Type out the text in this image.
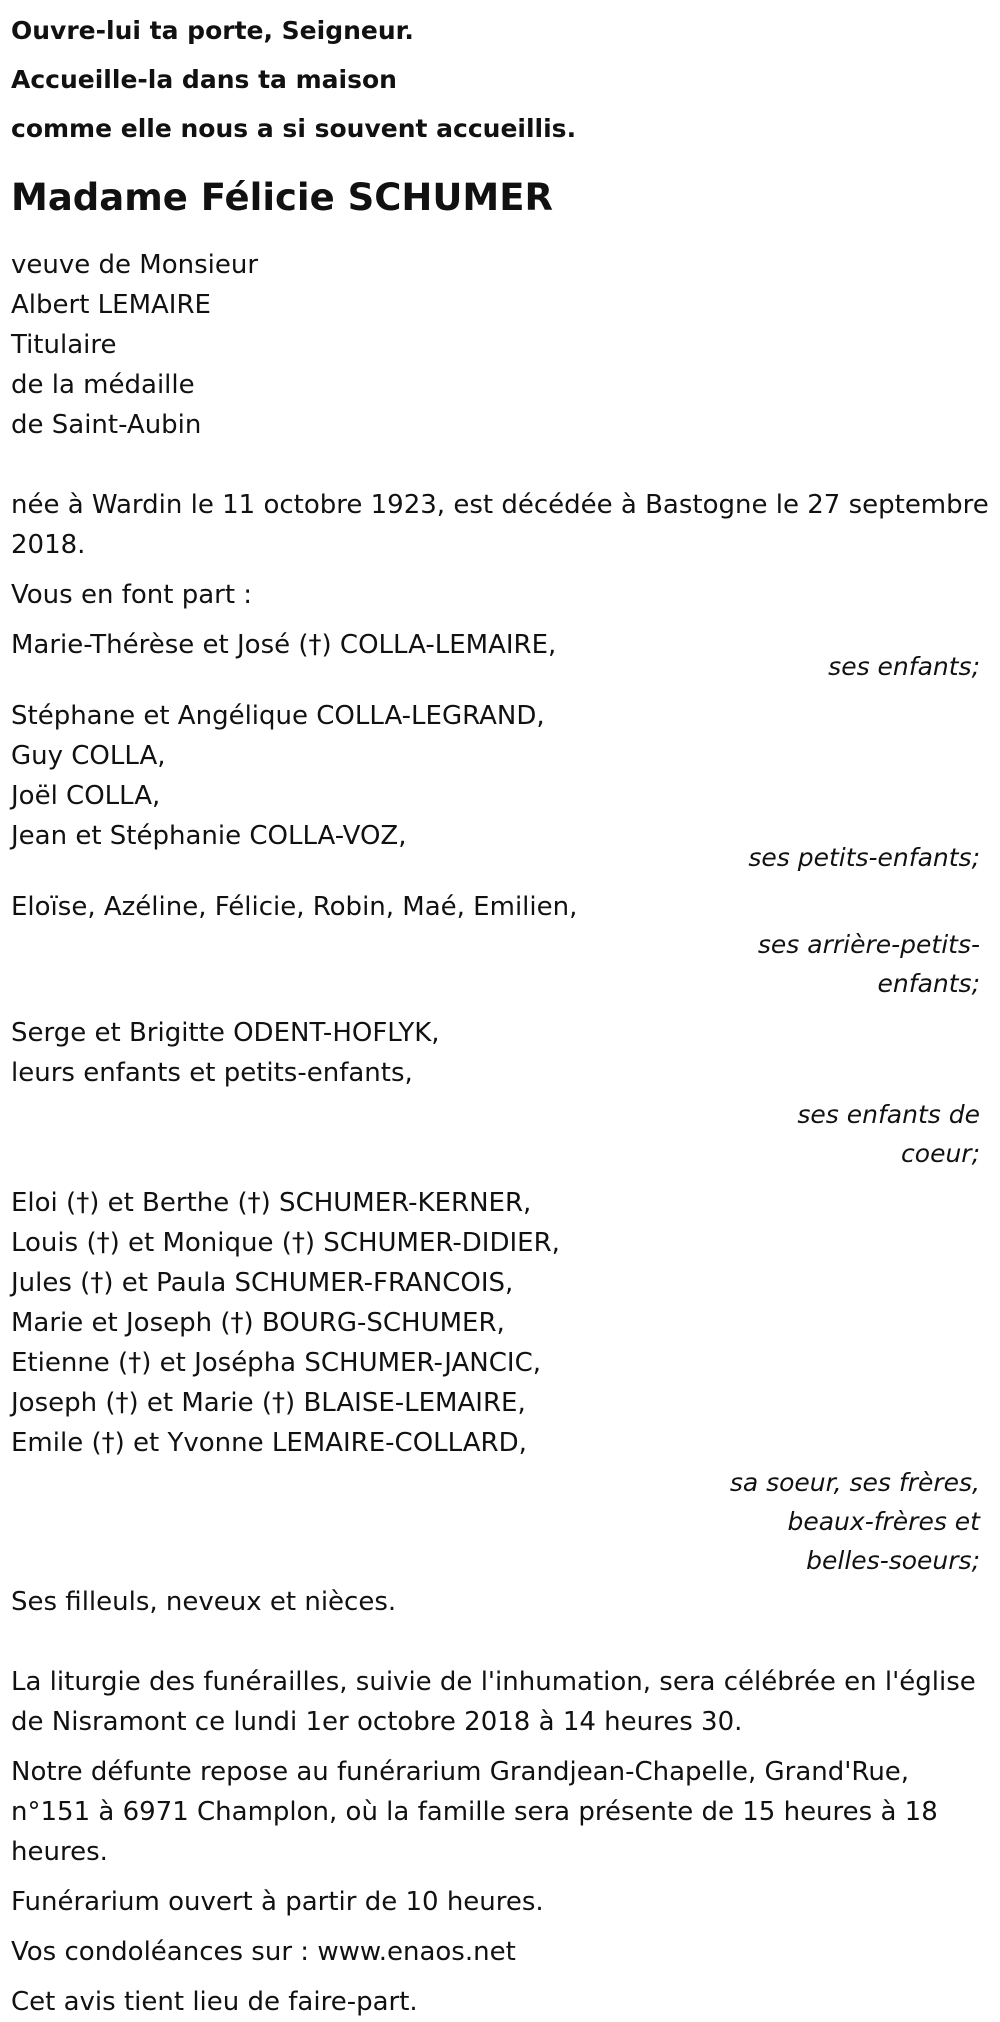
Ouvre-lui ta porte, Seigneur.
Accueille-la dans ta maison
comme elle nous a si souvent accueillis.
Madame Félicie SCHUMER
veuve de Monsieur
Albert LEMAIRE
Titulaire
de la médaille
de Saint-Aubin
née à Wardin le 11 octobre 1923, est décédée à Bastogne le 27 septembre
2018.
Vous en font part :
Marie-Thérèse et José (†) COLLA-LEMAIRE,
ses enfants;
Stéphane et Angélique COLLA-LEGRAND,
Guy COLLA,
Joël COLLA,
Jean et Stéphanie COLLA-VOZ,
ses petits-enfants;
Eloïse, Azéline, Félicie, Robin, Maé, Emilien,
ses arrière-petits-
enfants;
Serge et Brigitte ODENT-HOFLYK,
leurs enfants et petits-enfants,
ses enfants de
coeur;
Eloi (†) et Berthe (†) SCHUMER-KERNER,
Louis (†) et Monique (†) SCHUMER-DIDIER,
Jules (†) et Paula SCHUMER-FRANCOIS,
Marie et Joseph (†) BOURG-SCHUMER,
Etienne (†) et Josépha SCHUMER-JANCIC,
Joseph (†) et Marie (†) BLAISE-LEMAIRE,
Emile (†) et Yvonne LEMAIRE-COLLARD,
sa soeur, ses frères,
beaux-frères et
belles-soeurs;
Ses filleuls, neveux et nièces.
La liturgie des funérailles, suivie de l'inhumation, sera célébrée en l'église
de Nisramont ce lundi 1er octobre 2018 à 14 heures 30.
Notre défunte repose au funérarium Grandjean-Chapelle, Grand'Rue,
n°151 à 6971 Champlon, où la famille sera présente de 15 heures à 18
heures.
Funérarium ouvert à partir de 10 heures.
Vos condoléances sur : www.enaos.net
Cet avis tient lieu de faire-part.
